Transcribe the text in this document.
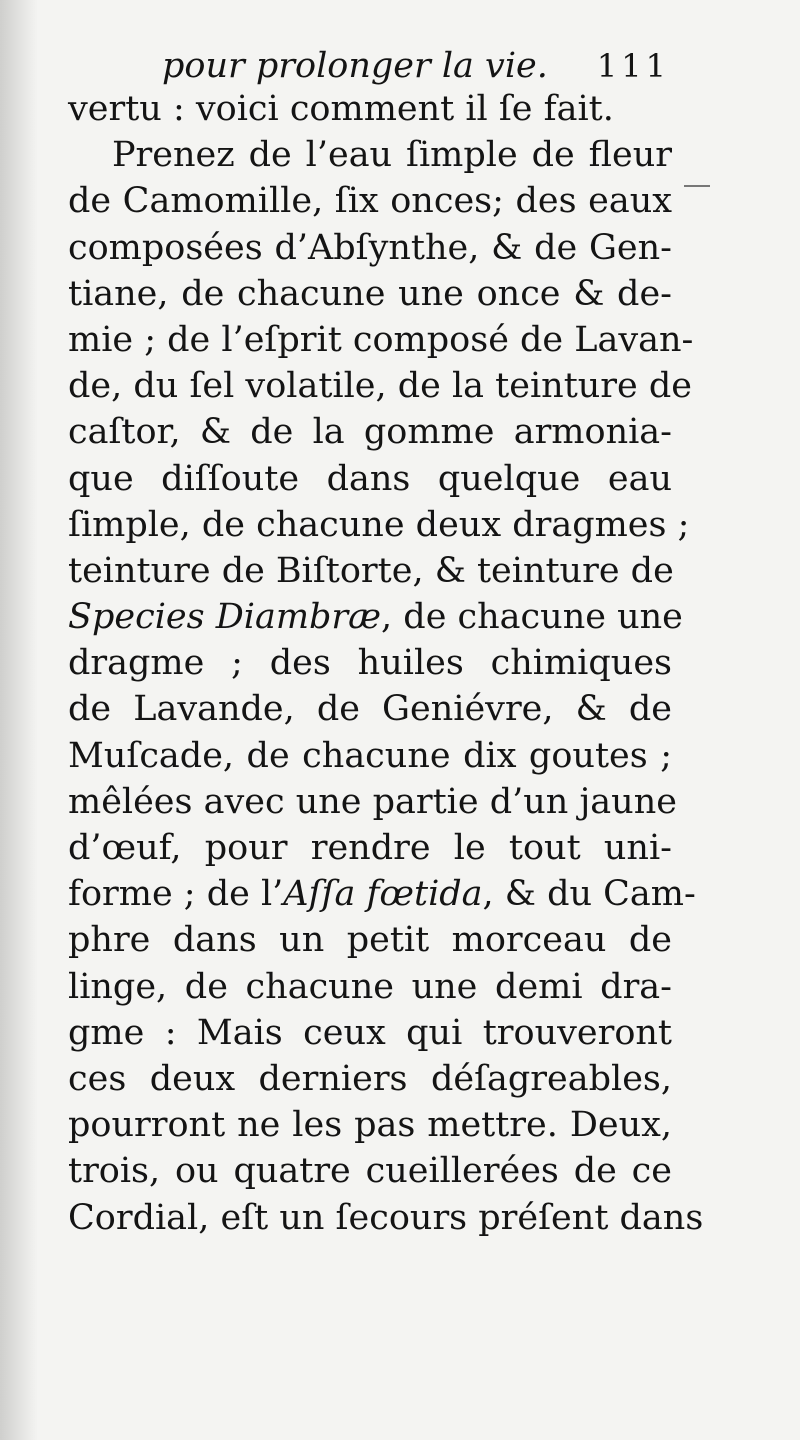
pour prolonger la vie. 111
vertu : voici comment il ſe fait.
Prenez de l’eau ſimple de fleur
de Camomille, ſix onces; des eaux
composées d’Abſynthe, & de Gen-
tiane, de chacune une once & de-
mie ; de l’eſprit composé de Lavan-
de, du ſel volatile, de la teinture de
caſtor, & de la gomme armonia-
que diſſoute dans quelque eau
ſimple, de chacune deux dragmes ;
teinture de Biſtorte, & teinture de
Species Diambræ, de chacune une
dragme ; des huiles chimiques
de Lavande, de Geniévre, & de
Muſcade, de chacune dix goutes ;
mêlées avec une partie d’un jaune
d’œuf, pour rendre le tout uni-
forme ; de l’Aſſa fœtida, & du Cam-
phre dans un petit morceau de
linge, de chacune une demi dra-
gme : Mais ceux qui trouveront
ces deux derniers déſagreables,
pourront ne les pas mettre. Deux,
trois, ou quatre cueillerées de ce
Cordial, eſt un ſecours préſent dans
